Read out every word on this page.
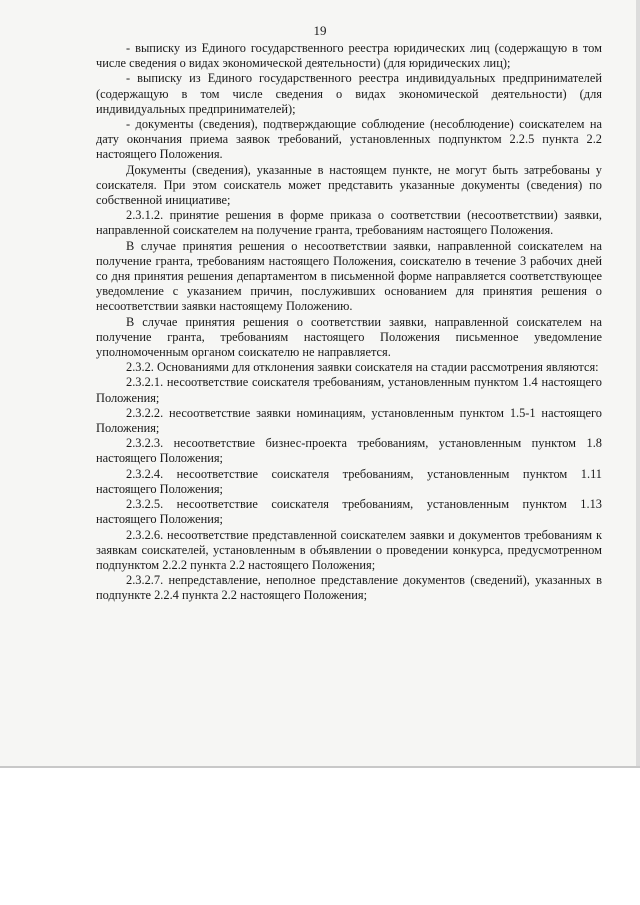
19

- выписку из Единого государственного реестра юридических лиц (содержащую в том числе сведения о видах экономической деятельности) (для юридических лиц);

- выписку из Единого государственного реестра индивидуальных предпринимателей (содержащую в том числе сведения о видах экономической деятельности) (для индивидуальных предпринимателей);

- документы (сведения), подтверждающие соблюдение (несоблюдение) соискателем на дату окончания приема заявок требований, установленных подпунктом 2.2.5 пункта 2.2 настоящего Положения.

Документы (сведения), указанные в настоящем пункте, не могут быть затребованы у соискателя. При этом соискатель может представить указанные документы (сведения) по собственной инициативе;

2.3.1.2. принятие решения в форме приказа о соответствии (несоответствии) заявки, направленной соискателем на получение гранта, требованиям настоящего Положения.

В случае принятия решения о несоответствии заявки, направленной соискателем на получение гранта, требованиям настоящего Положения, соискателю в течение 3 рабочих дней со дня принятия решения департаментом в письменной форме направляется соответствующее уведомление с указанием причин, послуживших основанием для принятия решения о несоответствии заявки настоящему Положению.

В случае принятия решения о соответствии заявки, направленной соискателем на получение гранта, требованиям настоящего Положения письменное уведомление уполномоченным органом соискателю не направляется.

2.3.2. Основаниями для отклонения заявки соискателя на стадии рассмотрения являются:

2.3.2.1. несоответствие соискателя требованиям, установленным пунктом 1.4 настоящего Положения;

2.3.2.2. несоответствие заявки номинациям, установленным пунктом 1.5-1 настоящего Положения;

2.3.2.3. несоответствие бизнес-проекта требованиям, установленным пунктом 1.8 настоящего Положения;

2.3.2.4. несоответствие соискателя требованиям, установленным пунктом 1.11 настоящего Положения;

2.3.2.5. несоответствие соискателя требованиям, установленным пунктом 1.13 настоящего Положения;

2.3.2.6. несоответствие представленной соискателем заявки и документов требованиям к заявкам соискателей, установленным в объявлении о проведении конкурса, предусмотренном подпунктом 2.2.2 пункта 2.2 настоящего Положения;

2.3.2.7. непредставление, неполное представление документов (сведений), указанных в подпункте 2.2.4 пункта 2.2 настоящего Положения;
